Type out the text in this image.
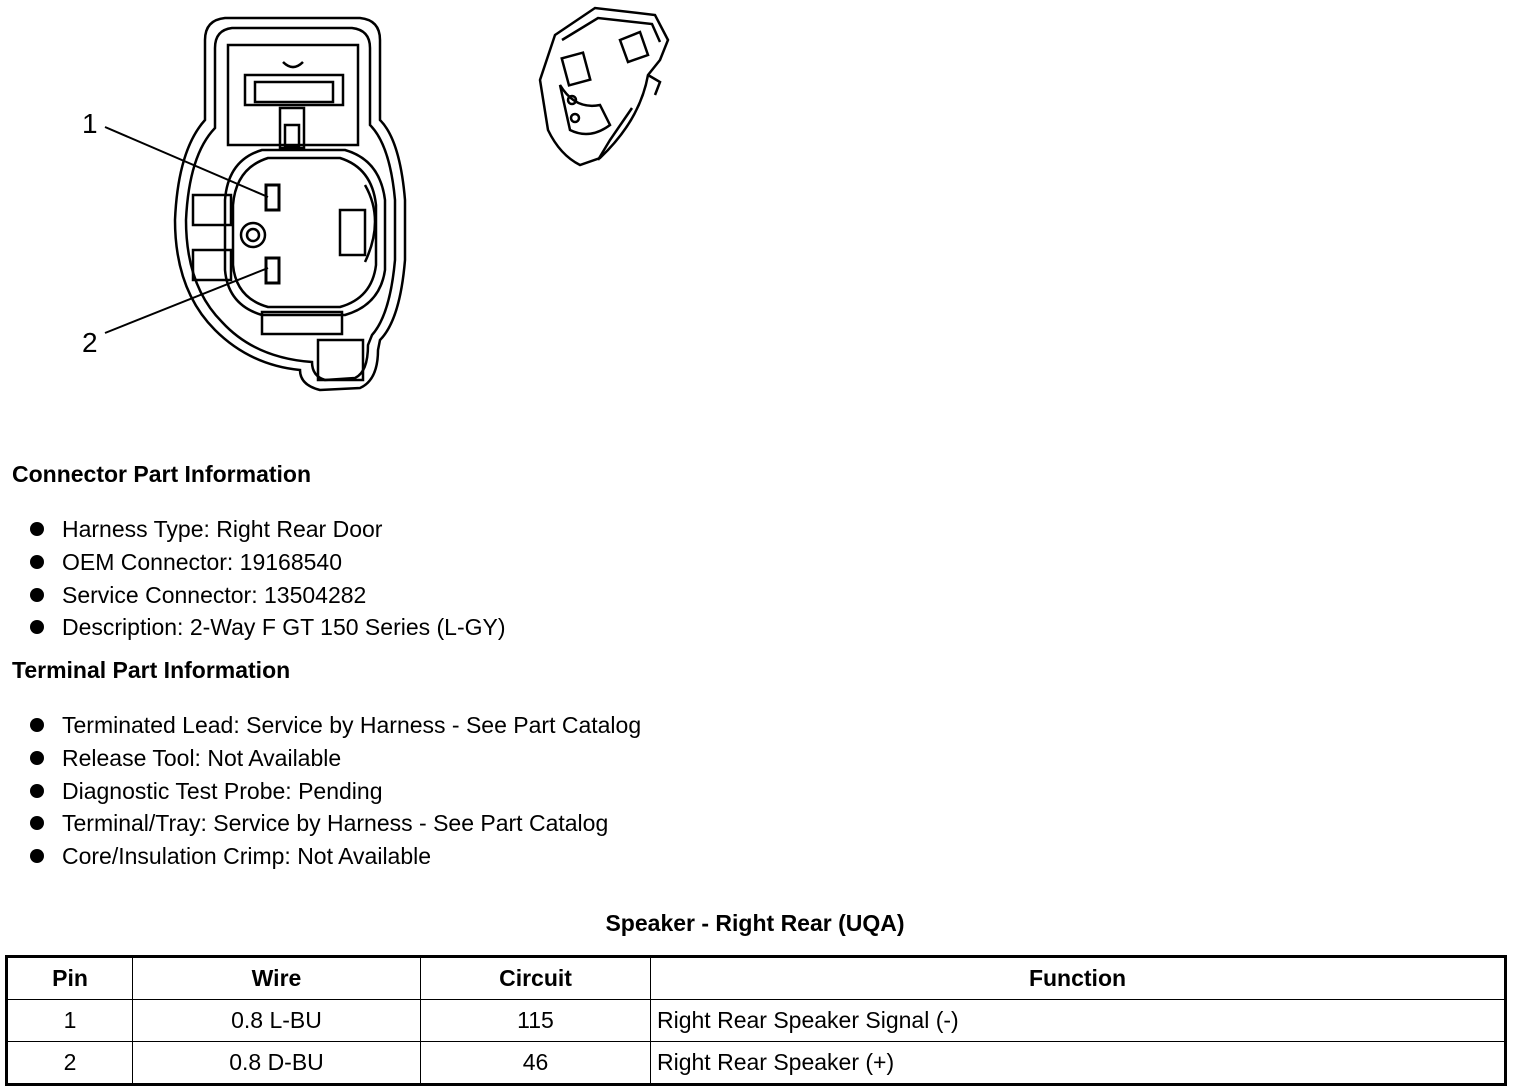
1
2
Connector Part Information
Harness Type: Right Rear Door
OEM Connector: 19168540
Service Connector: 13504282
Description: 2-Way F GT 150 Series (L-GY)
Terminal Part Information
Terminated Lead: Service by Harness - See Part Catalog
Release Tool: Not Available
Diagnostic Test Probe: Pending
Terminal/Tray: Service by Harness - See Part Catalog
Core/Insulation Crimp: Not Available
Speaker - Right Rear (UQA)
Pin	Wire	Circuit	Function
1	0.8 L-BU	115	Right Rear Speaker Signal (-)
2	0.8 D-BU	46	Right Rear Speaker (+)
